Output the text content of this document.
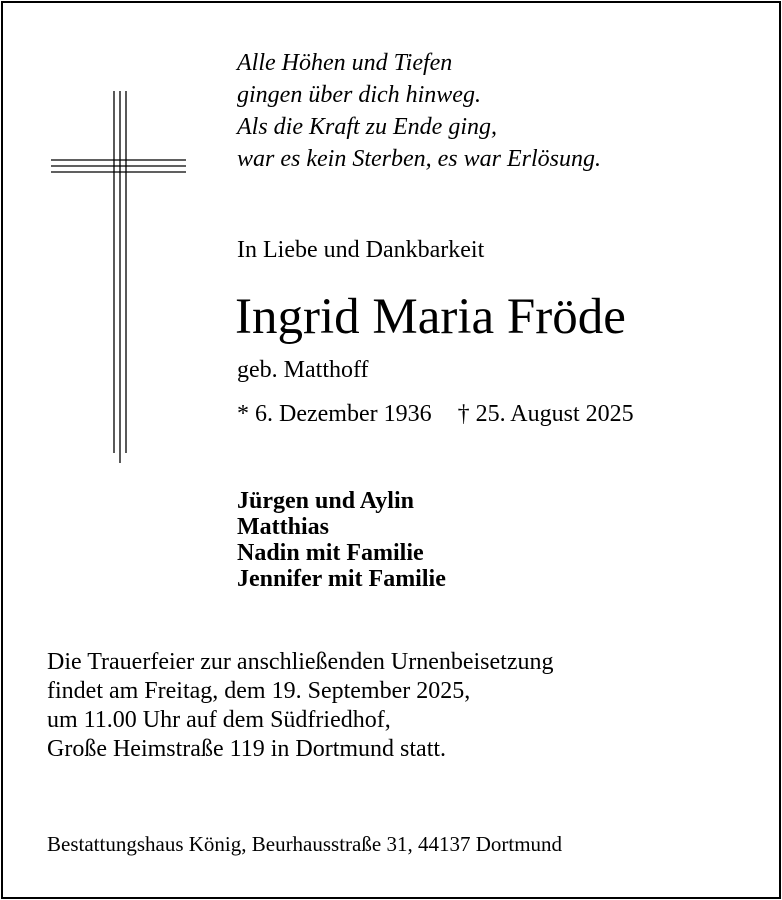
Alle Höhen und Tiefen
gingen über dich hinweg.
Als die Kraft zu Ende ging,
war es kein Sterben, es war Erlösung.
In Liebe und Dankbarkeit
Ingrid Maria Fröde
geb. Matthoff
* 6. Dezember 1936 † 25. August 2025
Jürgen und Aylin
Matthias
Nadin mit Familie
Jennifer mit Familie
Die Trauerfeier zur anschließenden Urnenbeisetzung
findet am Freitag, dem 19. September 2025,
um 11.00 Uhr auf dem Südfriedhof,
Große Heimstraße 119 in Dortmund statt.
Bestattungshaus König, Beurhausstraße 31, 44137 Dortmund
